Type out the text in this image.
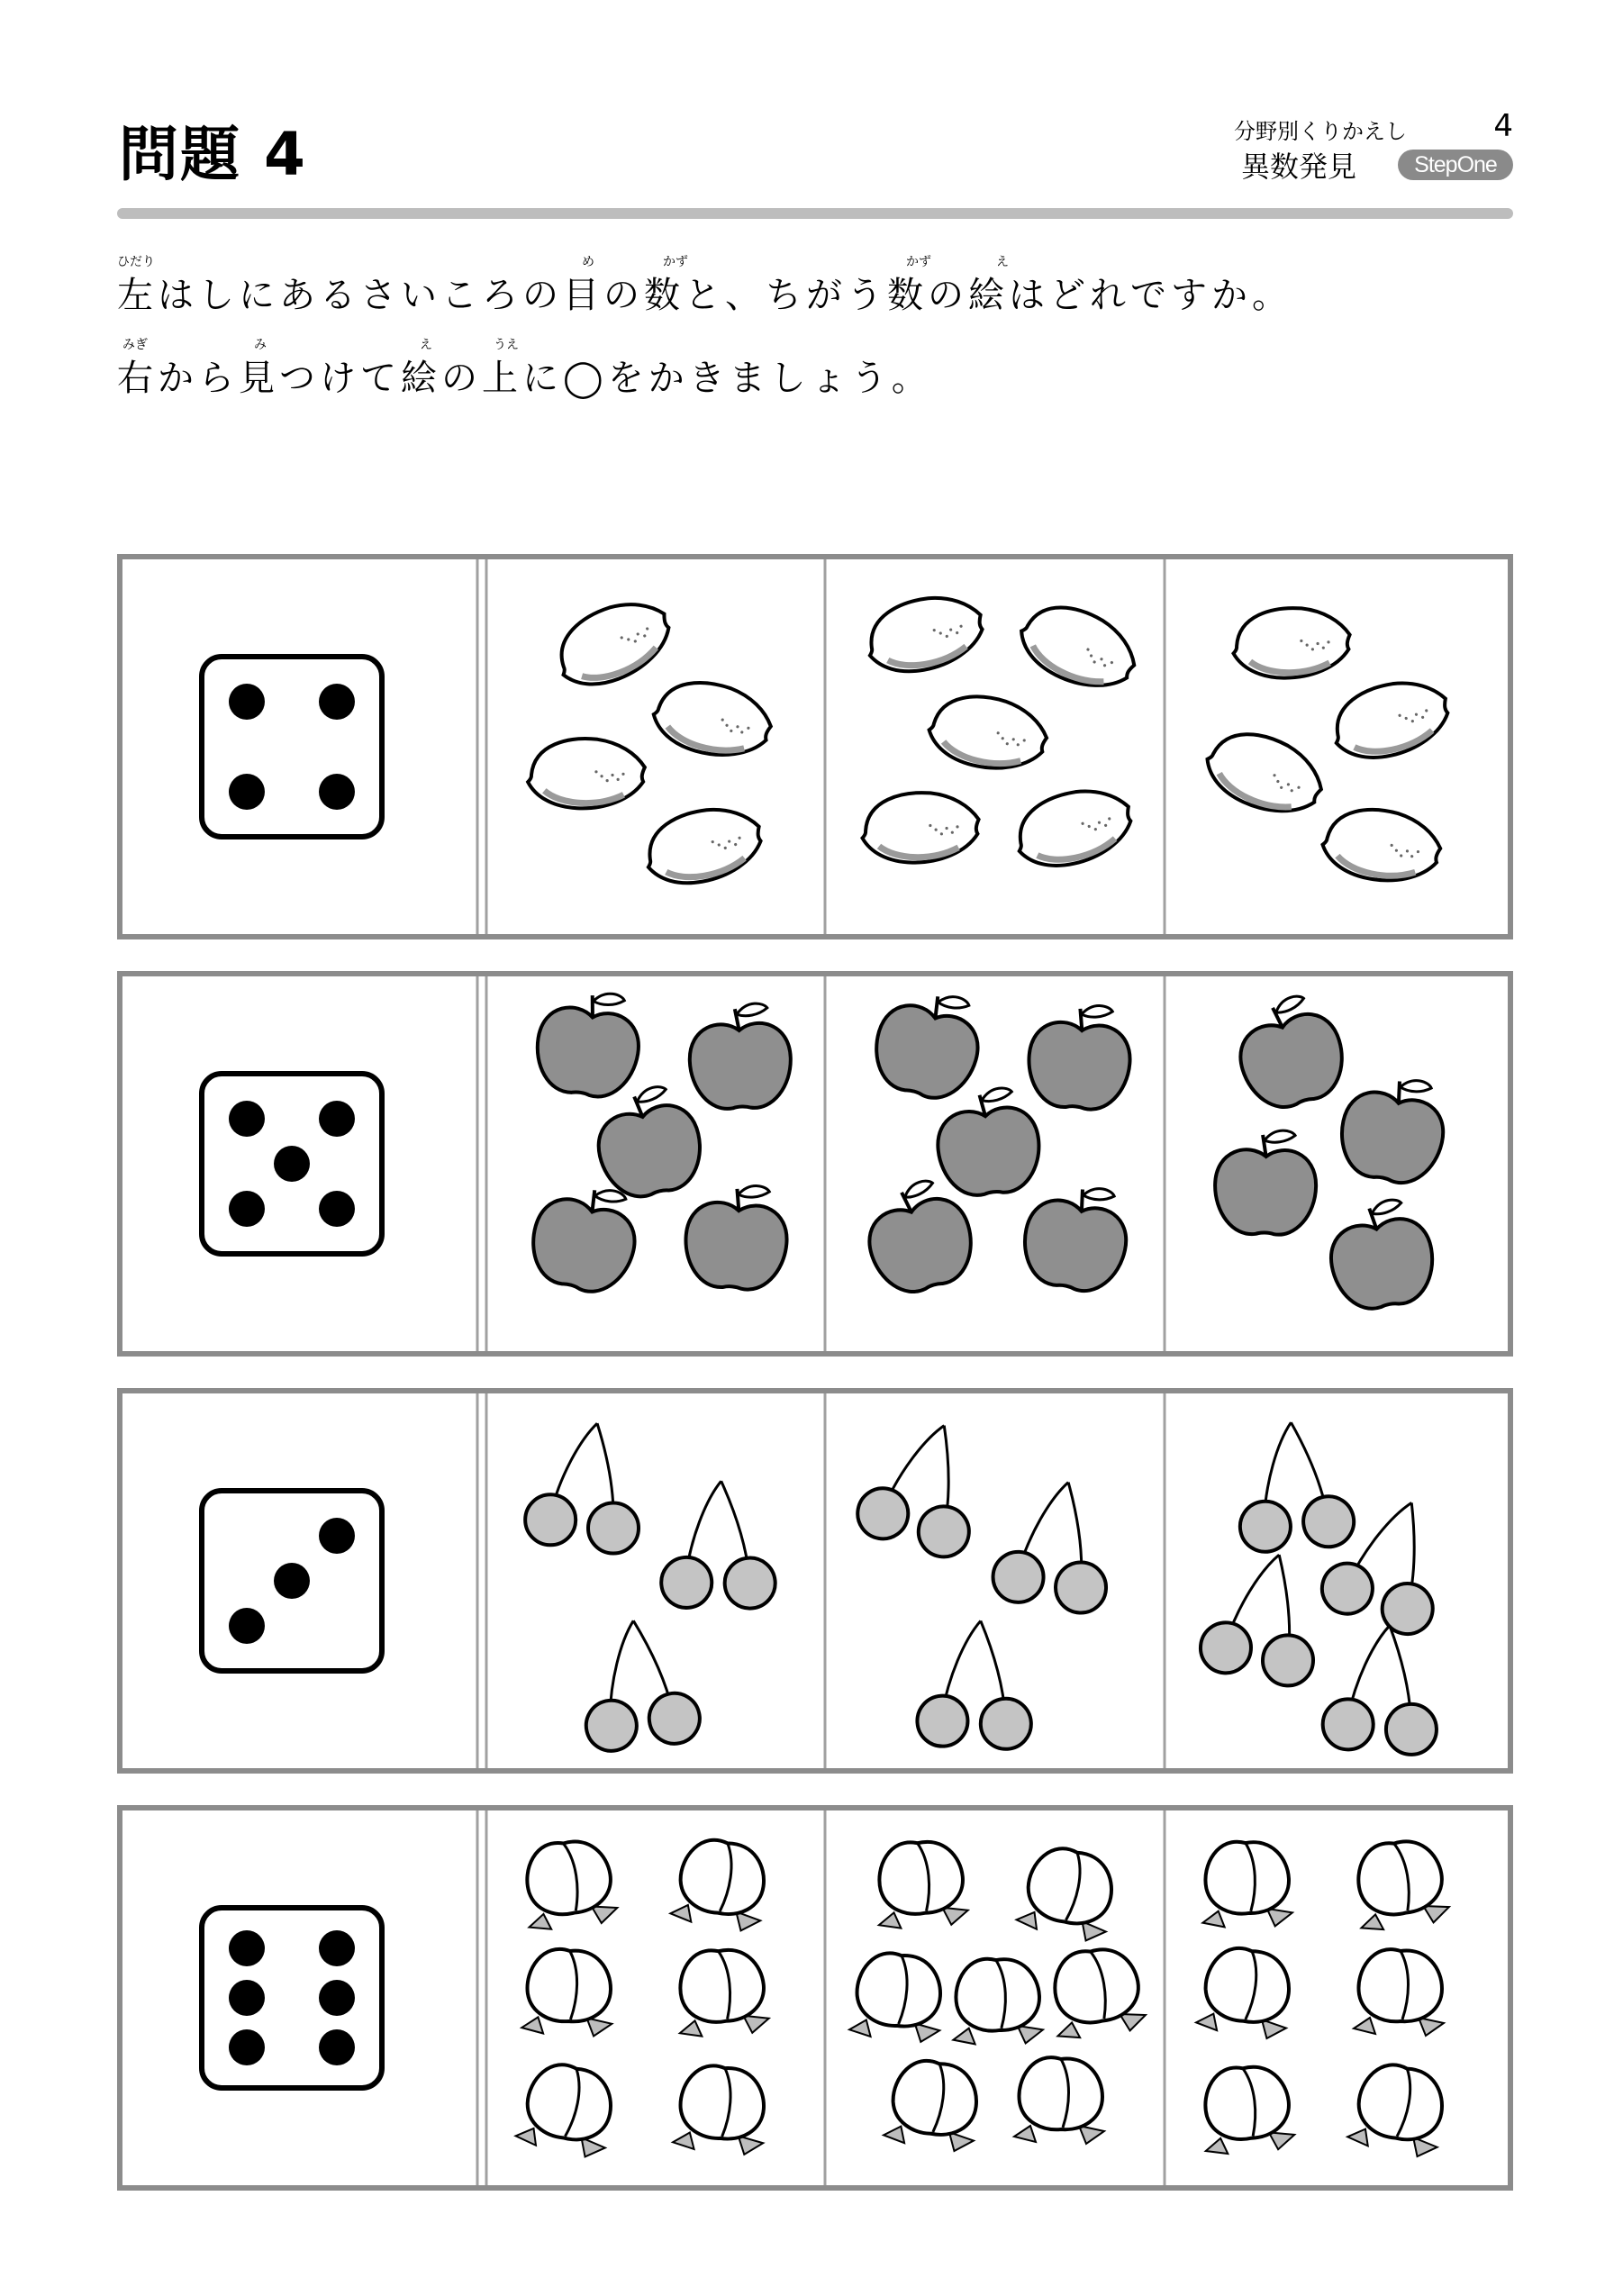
問題 4	分野別くりかえし	4
異数発見	StepOne
ひだり	め	かず	かず	え
左はしにあるさいころの目の数と、ちがう数の絵はどれですか。
みぎ	み	え	うえ
右から見つけて絵の上に◯をかきましょう。
